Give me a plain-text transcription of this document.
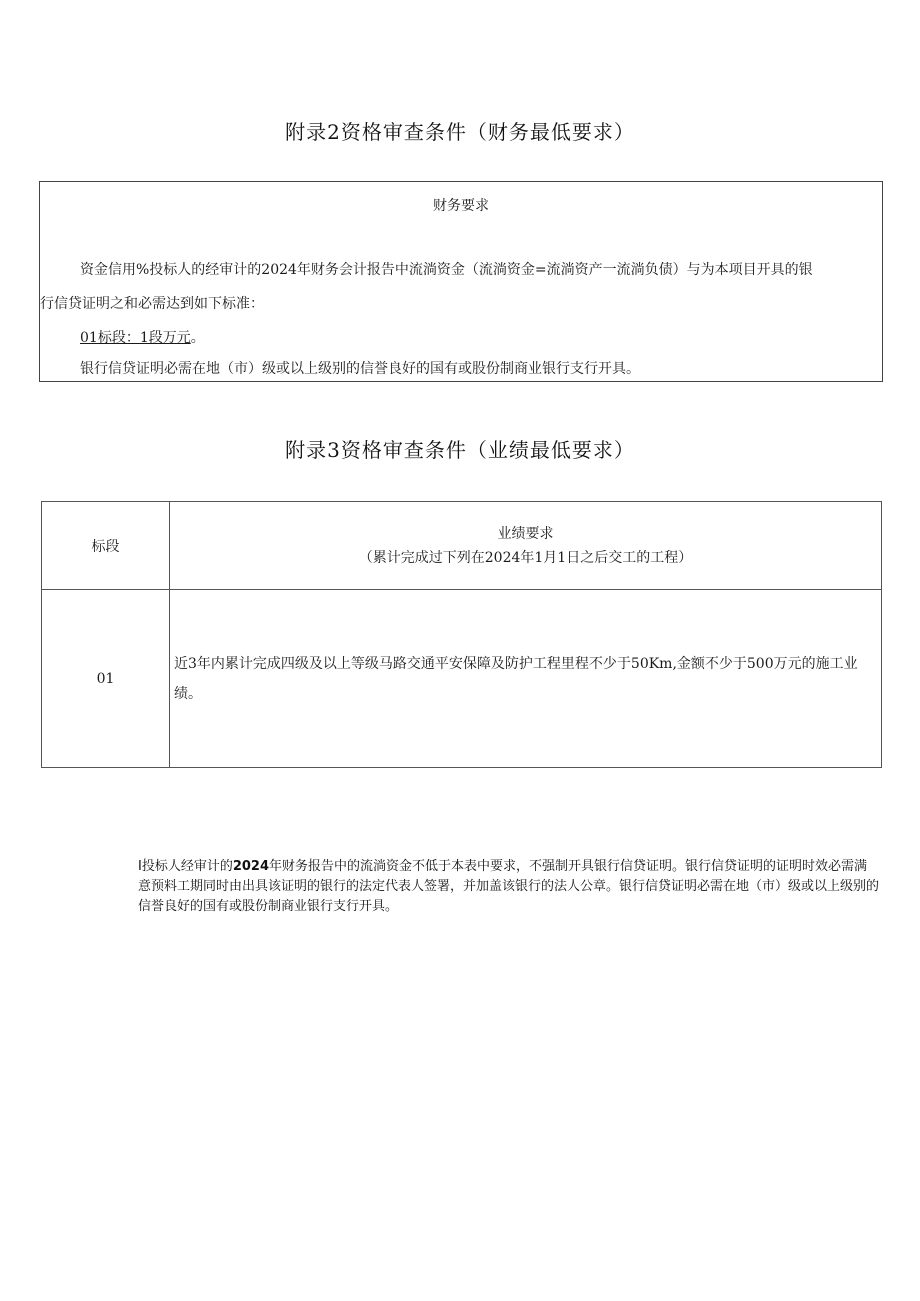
附录2资格审查条件（财务最低要求）
财务要求
资金信用%投标人的经审计的2024年财务会计报告中流淌资金（流淌资金=流淌资产一流淌负债）与为本项目开具的银
行信贷证明之和必需达到如下标准：
01标段：1段万元。
银行信贷证明必需在地（市）级或以上级别的信誉良好的国有或股份制商业银行支行开具。
附录3资格审查条件（业绩最低要求）
标段	业绩要求
（累计完成过下列在2024年1月1日之后交工的工程）

01	近3年内累计完成四级及以上等级马路交通平安保障及防护工程里程不少于50Km,金额不少于500万元的施工业绩。
I投标人经审计的2024年财务报告中的流淌资金不低于本表中要求，不强制开具银行信贷证明。银行信贷证明的证明时效必需满意预料工期同时由出具该证明的银行的法定代表人签署，并加盖该银行的法人公章。银行信贷证明必需在地（市）级或以上级别的信誉良好的国有或股份制商业银行支行开具。
